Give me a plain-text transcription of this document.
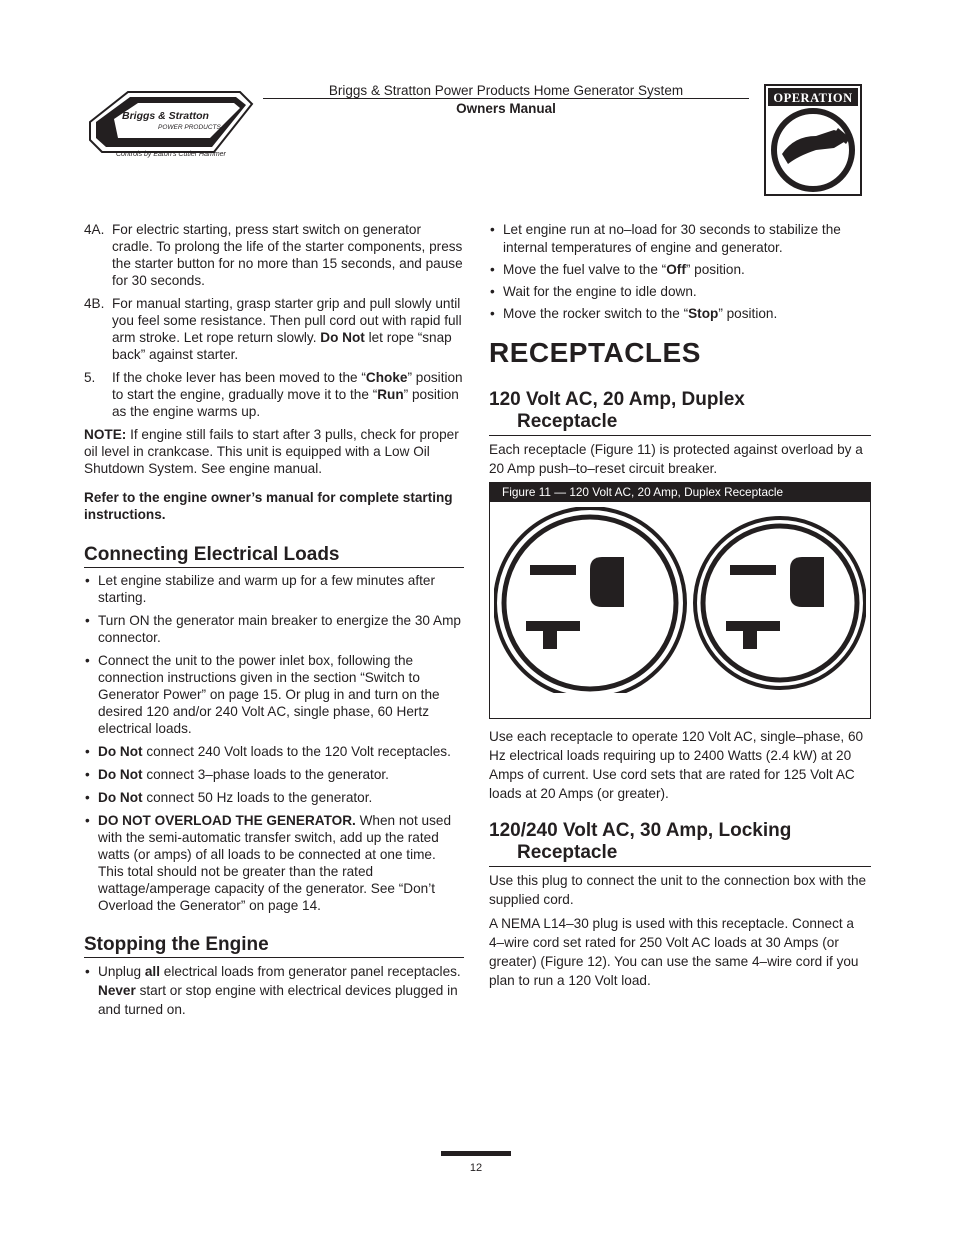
Briggs & Stratton
POWER PRODUCTS
Controls by Eaton's Cutler Hammer
Briggs & Stratton Power Products Home Generator System
Owners Manual
OPERATION
4A. For electric starting, press start switch on generator cradle. To prolong the life of the starter components, press the starter button for no more than 15 seconds, and pause for 30 seconds.
4B. For manual starting, grasp starter grip and pull slowly until you feel some resistance. Then pull cord out with rapid full arm stroke. Let rope return slowly. Do Not let rope “snap back” against starter.
5. If the choke lever has been moved to the “Choke” position to start the engine, gradually move it to the “Run” position as the engine warms up.

NOTE: If engine still fails to start after 3 pulls, check for proper oil level in crankcase. This unit is equipped with a Low Oil Shutdown System. See engine manual.

Refer to the engine owner’s manual for complete starting instructions.

Connecting Electrical Loads
• Let engine stabilize and warm up for a few minutes after starting.
• Turn ON the generator main breaker to energize the 30 Amp connector.
• Connect the unit to the power inlet box, following the connection instructions given in the section “Switch to Generator Power” on page 15. Or plug in and turn on the desired 120 and/or 240 Volt AC, single phase, 60 Hertz electrical loads.
• Do Not connect 240 Volt loads to the 120 Volt receptacles.
• Do Not connect 3–phase loads to the generator.
• Do Not connect 50 Hz loads to the generator.
• DO NOT OVERLOAD THE GENERATOR. When not used with the semi-automatic transfer switch, add up the rated watts (or amps) of all loads to be connected at one time. This total should not be greater than the rated wattage/amperage capacity of the generator. See “Don’t Overload the Generator” on page 14.
Stopping the Engine
• Unplug all electrical loads from generator panel receptacles. Never start or stop engine with electrical devices plugged in and turned on.
• Let engine run at no–load for 30 seconds to stabilize the internal temperatures of engine and generator.
• Move the fuel valve to the “Off” position.
• Wait for the engine to idle down.
• Move the rocker switch to the “Stop” position.
RECEPTACLES
120 Volt AC, 20 Amp, Duplex
Receptacle

Each receptacle (Figure 11) is protected against overload by a 20 Amp push–to–reset circuit breaker.

Figure 11 — 120 Volt AC, 20 Amp, Duplex Receptacle

Use each receptacle to operate 120 Volt AC, single–phase, 60 Hz electrical loads requiring up to 2400 Watts (2.4 kW) at 20 Amps of current. Use cord sets that are rated for 125 Volt AC loads at 20 Amps (or greater).

120/240 Volt AC, 30 Amp, Locking
Receptacle

Use this plug to connect the unit to the connection box with the supplied cord.

A NEMA L14–30 plug is used with this receptacle. Connect a 4–wire cord set rated for 250 Volt AC loads at 30 Amps (or greater) (Figure 12). You can use the same 4–wire cord if you plan to run a 120 Volt load.

12
